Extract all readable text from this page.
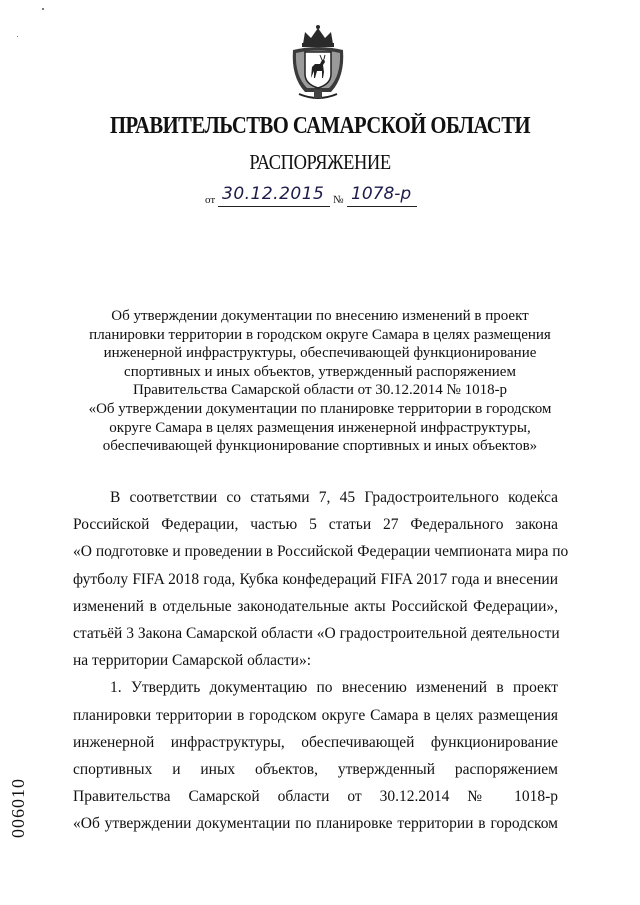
ПРАВИТЕЛЬСТВО САМАРСКОЙ ОБЛАСТИ
РАСПОРЯЖЕНИЕ
от 30.12.2015 № 1078-р
Об утверждении документации по внесению изменений в проект
планировки территории в городском округе Самара в целях размещения
инженерной инфраструктуры, обеспечивающей функционирование
спортивных и иных объектов, утвержденный распоряжением
Правительства Самарской области от 30.12.2014 № 1018-р
«Об утверждении документации по планировке территории в городском
округе Самара в целях размещения инженерной инфраструктуры,
обеспечивающей функционирование спортивных и иных объектов»
В соответствии со статьями 7, 45 Градостроительного кодекса
Российской Федерации, частью 5 статьи 27 Федерального закона
«О подготовке и проведении в Российской Федерации чемпионата мира по
футболу FIFA 2018 года, Кубка конфедераций FIFA 2017 года и внесении
изменений в отдельные законодательные акты Российской Федерации»,
статьёй 3 Закона Самарской области «О градостроительной деятельности
на территории Самарской области»:
1. Утвердить документацию по внесению изменений в проект
планировки территории в городском округе Самара в целях размещения
инженерной инфраструктуры, обеспечивающей функционирование
спортивных и иных объектов, утвержденный распоряжением
Правительства Самарской области от 30.12.2014 № 1018-р
«Об утверждении документации по планировке территории в городском
006010
